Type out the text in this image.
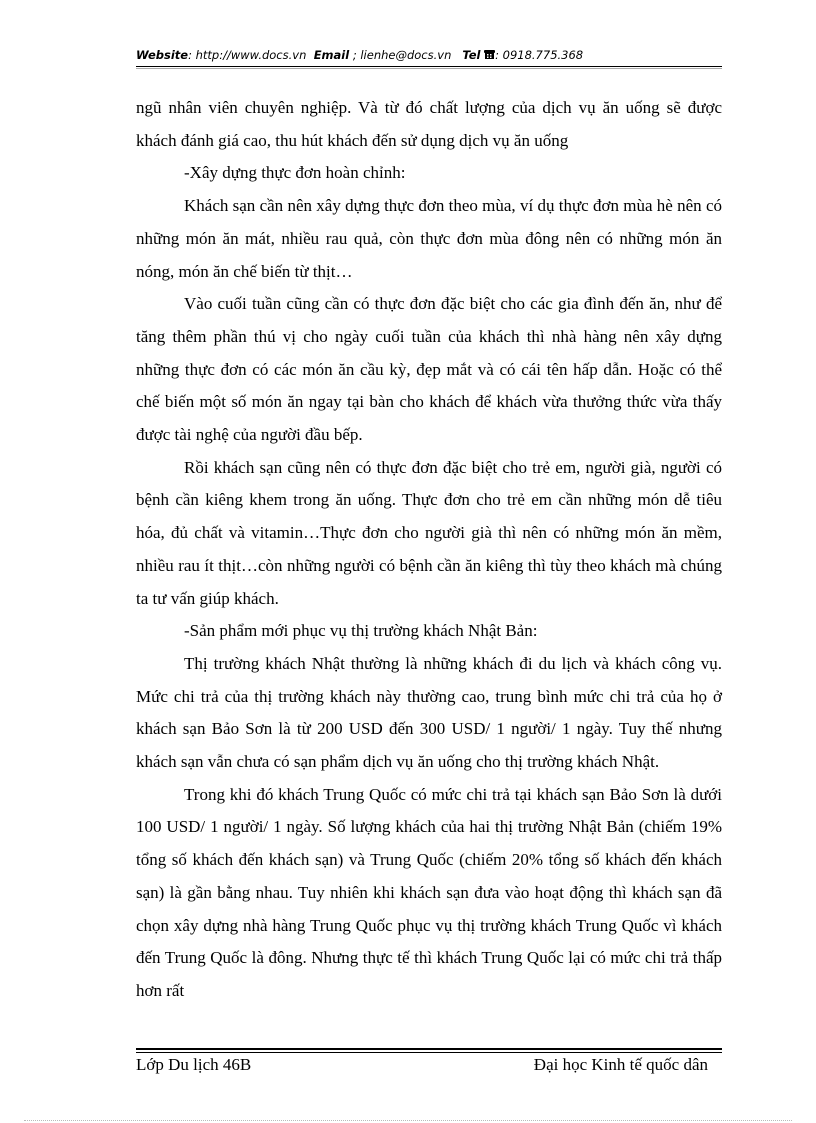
Website: http://www.docs.vn Email ; lienhe@docs.vn Tel : 0918.775.368

ngũ nhân viên chuyên nghiệp. Và từ đó chất lượng của dịch vụ ăn uống sẽ được khách đánh giá cao, thu hút khách đến sử dụng dịch vụ ăn uống

-Xây dựng thực đơn hoàn chỉnh:

Khách sạn cần nên xây dựng thực đơn theo mùa, ví dụ thực đơn mùa hè nên có những món ăn mát, nhiều rau quả, còn thực đơn mùa đông nên có những món ăn nóng, món ăn chế biến từ thịt…

Vào cuối tuần cũng cần có thực đơn đặc biệt cho các gia đình đến ăn, như để tăng thêm phần thú vị cho ngày cuối tuần của khách thì nhà hàng nên xây dựng những thực đơn có các món ăn cầu kỳ, đẹp mắt và có cái tên hấp dẫn. Hoặc có thể chế biến một số món ăn ngay tại bàn cho khách để khách vừa thưởng thức vừa thấy được tài nghệ của người đầu bếp.

Rồi khách sạn cũng nên có thực đơn đặc biệt cho trẻ em, người già, người có bệnh cần kiêng khem trong ăn uống. Thực đơn cho trẻ em cần những món dễ tiêu hóa, đủ chất và vitamin…Thực đơn cho người già thì nên có những món ăn mềm, nhiều rau ít thịt…còn những người có bệnh cần ăn kiêng thì tùy theo khách mà chúng ta tư vấn giúp khách.

-Sản phẩm mới phục vụ thị trường khách Nhật Bản:

Thị trường khách Nhật thường là những khách đi du lịch và khách công vụ. Mức chi trả của thị trường khách này thường cao, trung bình mức chi trả của họ ở khách sạn Bảo Sơn là từ 200 USD đến 300 USD/ 1 người/ 1 ngày. Tuy thế nhưng khách sạn vẫn chưa có sạn phẩm dịch vụ ăn uống cho thị trường khách Nhật.

Trong khi đó khách Trung Quốc có mức chi trả tại khách sạn Bảo Sơn là dưới 100 USD/ 1 người/ 1 ngày. Số lượng khách của hai thị trường Nhật Bản (chiếm 19% tổng số khách đến khách sạn) và Trung Quốc (chiếm 20% tổng số khách đến khách sạn) là gần bằng nhau. Tuy nhiên khi khách sạn đưa vào hoạt động thì khách sạn đã chọn xây dựng nhà hàng Trung Quốc phục vụ thị trường khách Trung Quốc vì khách đến Trung Quốc là đông. Nhưng thực tế thì khách Trung Quốc lại có mức chi trả thấp hơn rất

Lớp Du lịch 46B	Đại học Kinh tế quốc dân
